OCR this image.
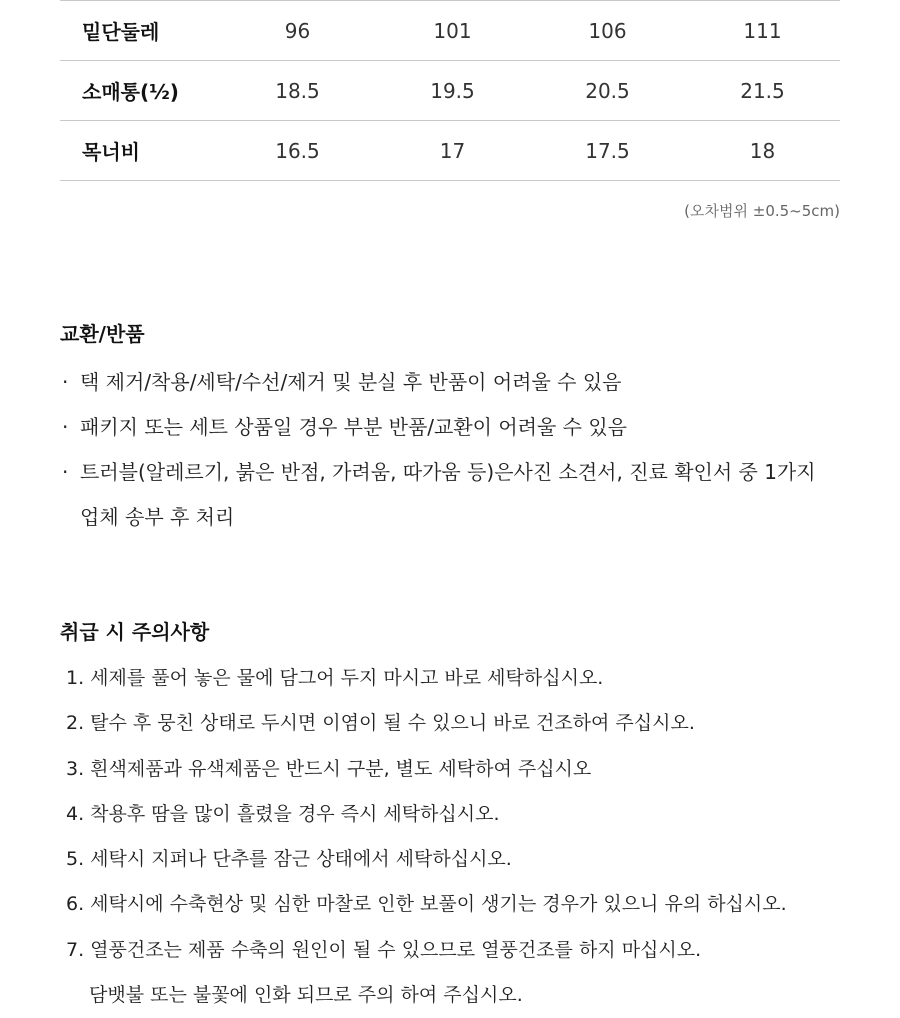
밑단둘레	96	101	106	111
소매통(½)	18.5	19.5	20.5	21.5
목너비	16.5	17	17.5	18
(오차범위 ±0.5~5cm)
교환/반품
· 택 제거/착용/세탁/수선/제거 및 분실 후 반품이 어려울 수 있음
· 패키지 또는 세트 상품일 경우 부분 반품/교환이 어려울 수 있음
· 트러블(알레르기, 붉은 반점, 가려움, 따가움 등)은사진 소견서, 진료 확인서 중 1가지
업체 송부 후 처리
취급 시 주의사항
1. 세제를 풀어 놓은 물에 담그어 두지 마시고 바로 세탁하십시오.
2. 탈수 후 뭉친 상태로 두시면 이염이 될 수 있으니 바로 건조하여 주십시오.
3. 흰색제품과 유색제품은 반드시 구분, 별도 세탁하여 주십시오
4. 착용후 땀을 많이 흘렸을 경우 즉시 세탁하십시오.
5. 세탁시 지퍼나 단추를 잠근 상태에서 세탁하십시오.
6. 세탁시에 수축현상 및 심한 마찰로 인한 보풀이 생기는 경우가 있으니 유의 하십시오.
7. 열풍건조는 제품 수축의 원인이 될 수 있으므로 열풍건조를 하지 마십시오.
담뱃불 또는 불꽃에 인화 되므로 주의 하여 주십시오.
